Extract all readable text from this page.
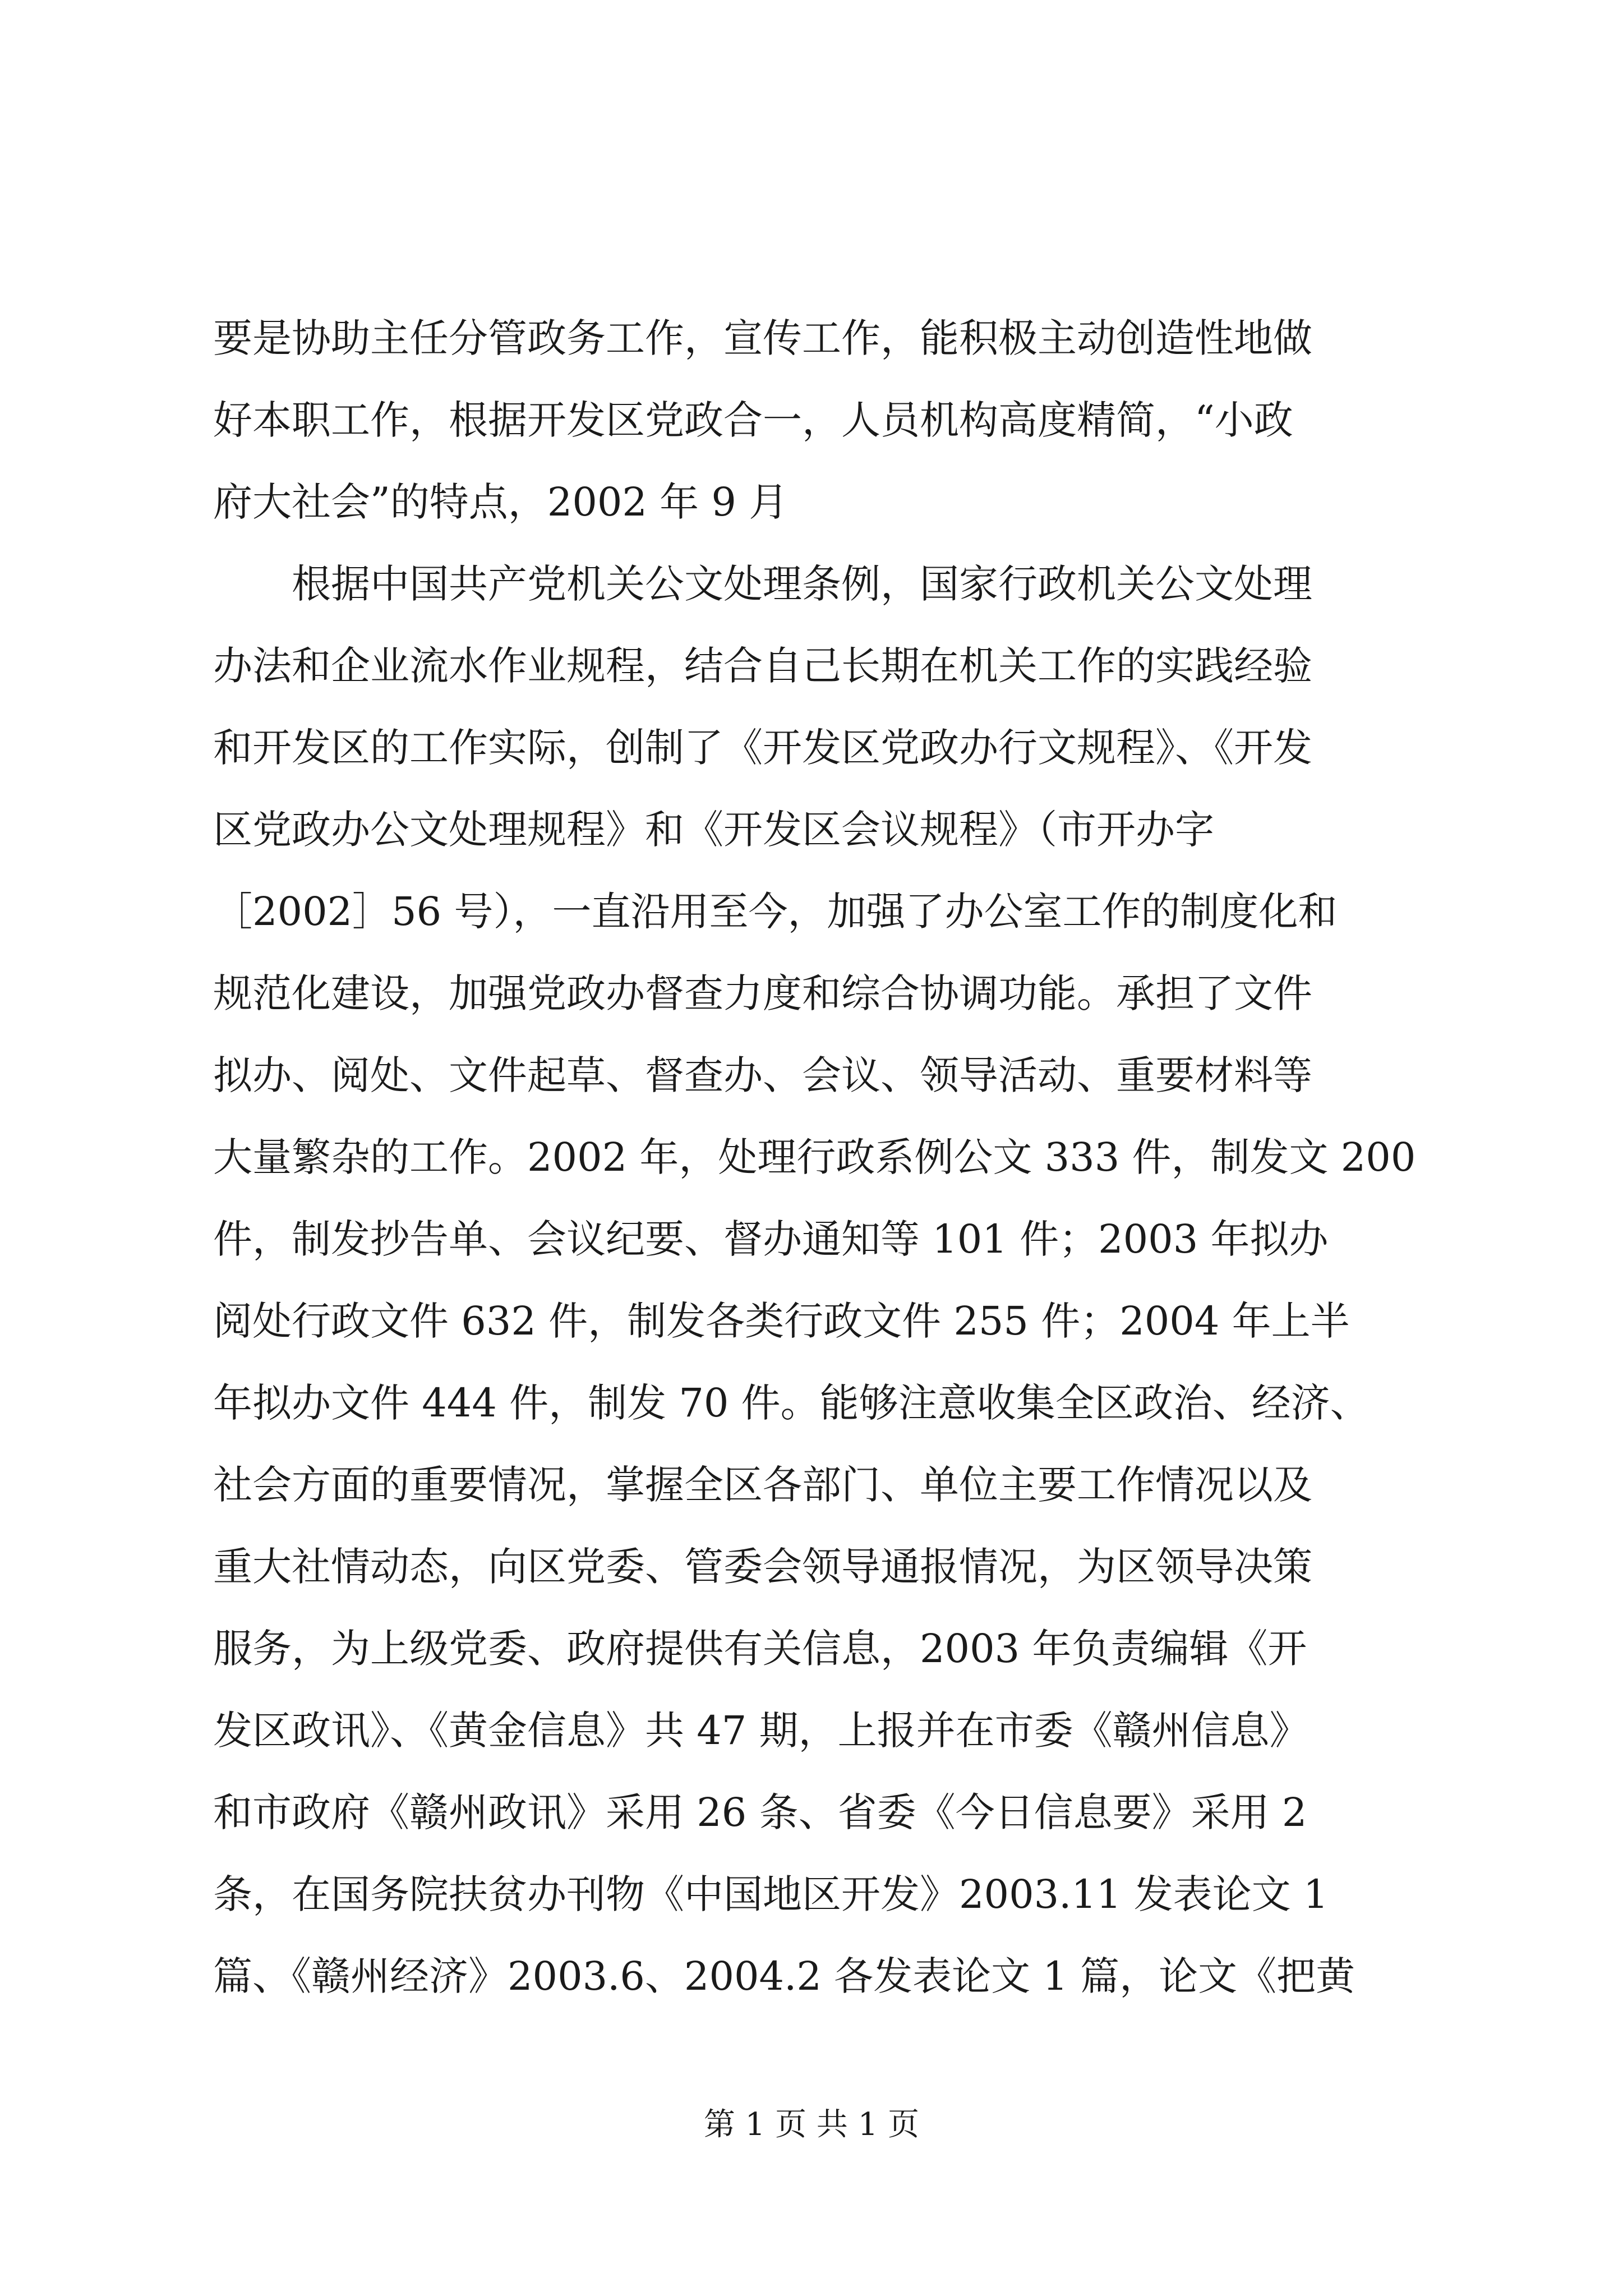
要是协助主任分管政务工作，宣传工作，能积极主动创造性地做
好本职工作，根据开发区党政合一，人员机构高度精简，“小政
府大社会”的特点，2002 年 9 月
根据中国共产党机关公文处理条例，国家行政机关公文处理
办法和企业流水作业规程，结合自己长期在机关工作的实践经验
和开发区的工作实际，创制了《开发区党政办行文规程》、《开发
区党政办公文处理规程》和《开发区会议规程》（市开办字
［2002］56 号），一直沿用至今，加强了办公室工作的制度化和
规范化建设，加强党政办督查力度和综合协调功能。承担了文件
拟办、阅处、文件起草、督查办、会议、领导活动、重要材料等
大量繁杂的工作。2002 年，处理行政系例公文 333 件，制发文 200
件，制发抄告单、会议纪要、督办通知等 101 件；2003 年拟办
阅处行政文件 632 件，制发各类行政文件 255 件；2004 年上半
年拟办文件 444 件，制发 70 件。能够注意收集全区政治、经济、
社会方面的重要情况，掌握全区各部门、单位主要工作情况以及
重大社情动态，向区党委、管委会领导通报情况，为区领导决策
服务，为上级党委、政府提供有关信息，2003 年负责编辑《开
发区政讯》、《黄金信息》共 47 期，上报并在市委《赣州信息》
和市政府《赣州政讯》采用 26 条、省委《今日信息要》采用 2
条，在国务院扶贫办刊物《中国地区开发》2003.11 发表论文 1
篇、《赣州经济》2003.6、2004.2 各发表论文 1 篇，论文《把黄
第 1 页 共 1 页
